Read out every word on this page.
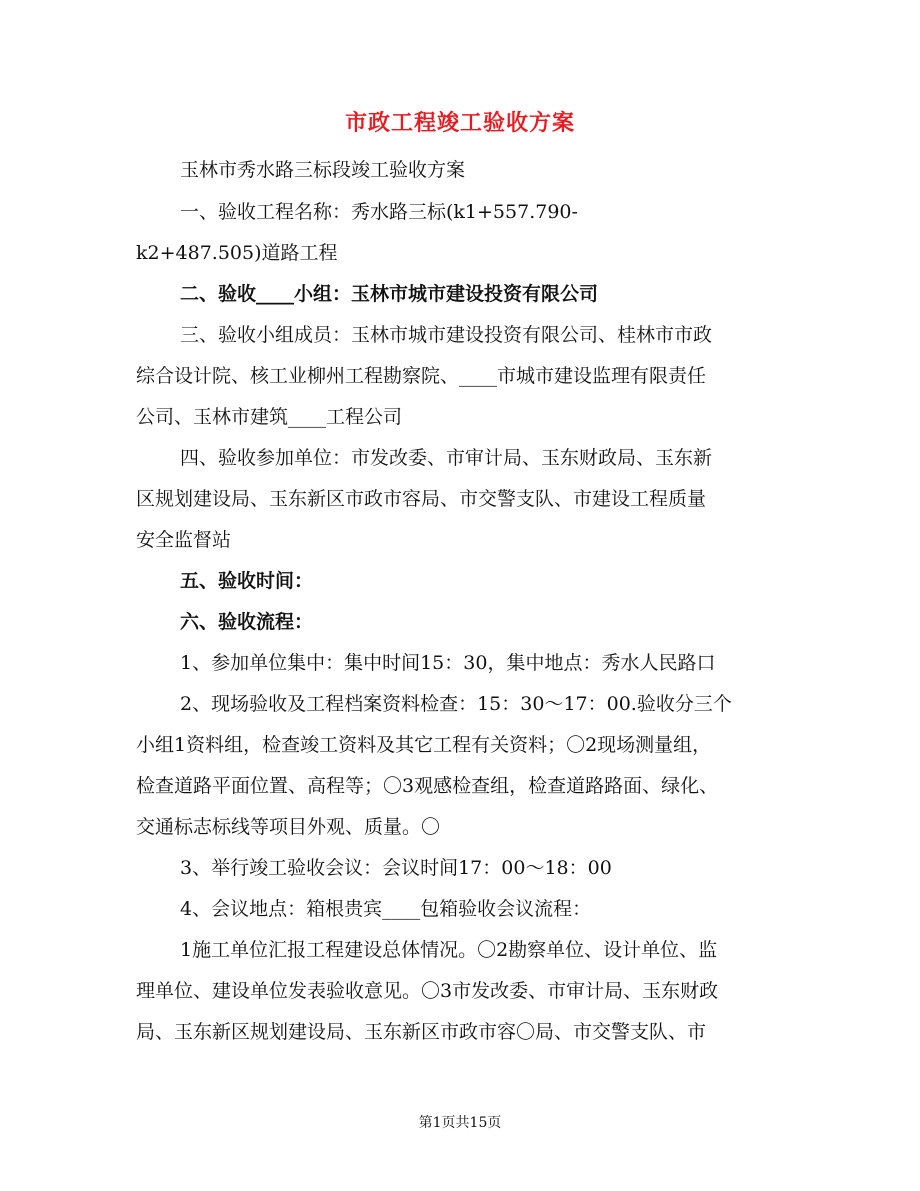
市政工程竣工验收方案
玉林市秀水路三标段竣工验收方案
一、验收工程名称：秀水路三标(k1+557.790-
k2+487.505)道路工程
二、验收____小组：玉林市城市建设投资有限公司
三、验收小组成员：玉林市城市建设投资有限公司、桂林市市政
综合设计院、核工业柳州工程勘察院、____市城市建设监理有限责任
公司、玉林市建筑____工程公司
四、验收参加单位：市发改委、市审计局、玉东财政局、玉东新
区规划建设局、玉东新区市政市容局、市交警支队、市建设工程质量
安全监督站
五、验收时间：
六、验收流程：
1、参加单位集中：集中时间15：30，集中地点：秀水人民路口
2、现场验收及工程档案资料检查：15：30～17：00.验收分三个
小组1资料组，检查竣工资料及其它工程有关资料；〇2现场测量组，
检查道路平面位置、高程等；〇3观感检查组，检查道路路面、绿化、
交通标志标线等项目外观、质量。〇
3、举行竣工验收会议：会议时间17：00～18：00
4、会议地点：箱根贵宾____包箱验收会议流程：
1施工单位汇报工程建设总体情况。〇2勘察单位、设计单位、监
理单位、建设单位发表验收意见。〇3市发改委、市审计局、玉东财政
局、玉东新区规划建设局、玉东新区市政市容〇局、市交警支队、市
第1页共15页
